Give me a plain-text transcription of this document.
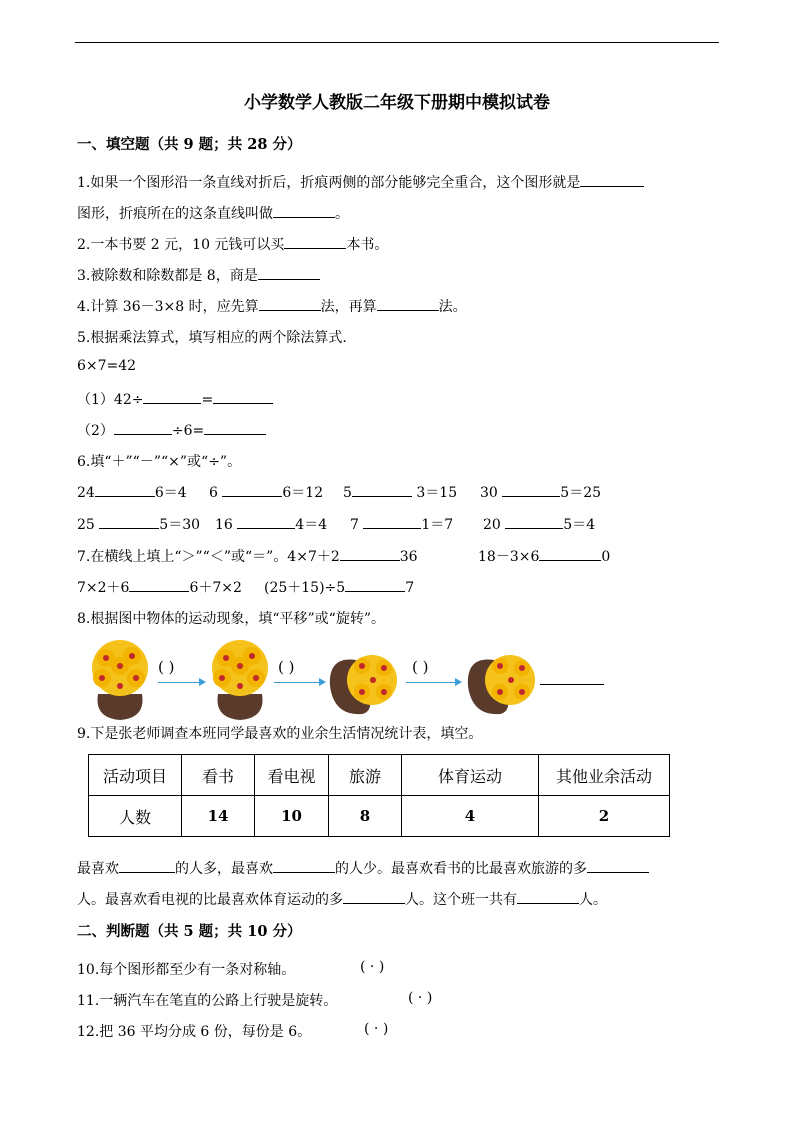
小学数学人教版二年级下册期中模拟试卷
一、填空题（共 9 题；共 28 分）
1.如果一个图形沿一条直线对折后，折痕两侧的部分能够完全重合，这个图形就是
图形，折痕所在的这条直线叫做	。
2.一本书要 2 元，10 元钱可以买	本书。
3.被除数和除数都是 8，商是
4.计算 36－3×8 时，应先算	法，再算	法。
5.根据乘法算式，填写相应的两个除法算式.
6×7=42
（1）42÷	=
（2）	÷6=
6.填“＋”“－”“×”或“÷”。
24	6＝4 6	6＝12 5	3＝15 30	5＝25
25	5＝30 16	4＝4 7	1＝7 20	5＝4
7.在横线上填上“＞”“＜”或“＝”。4×7＋2	36	18－3×6	0
7×2＋6	6＋7×2 (25＋15)÷5	7
8.根据图中物体的运动现象，填“平移”或“旋转”。
( )	( )	( )
9.下是张老师调查本班同学最喜欢的业余生活情况统计表，填空。
活动项目	看书	看电视	旅游	体育运动	其他业余活动
人数	14	10	8	4	2
最喜欢	的人多，最喜欢	的人少。最喜欢看书的比最喜欢旅游的多
人。最喜欢看电视的比最喜欢体育运动的多	人。这个班一共有	人。
二、判断题（共 5 题；共 10 分）
10.每个图形都至少有一条对称轴。	( · )
11.一辆汽车在笔直的公路上行驶是旋转。	( · )
12.把 36 平均分成 6 份，每份是 6。	( · )
